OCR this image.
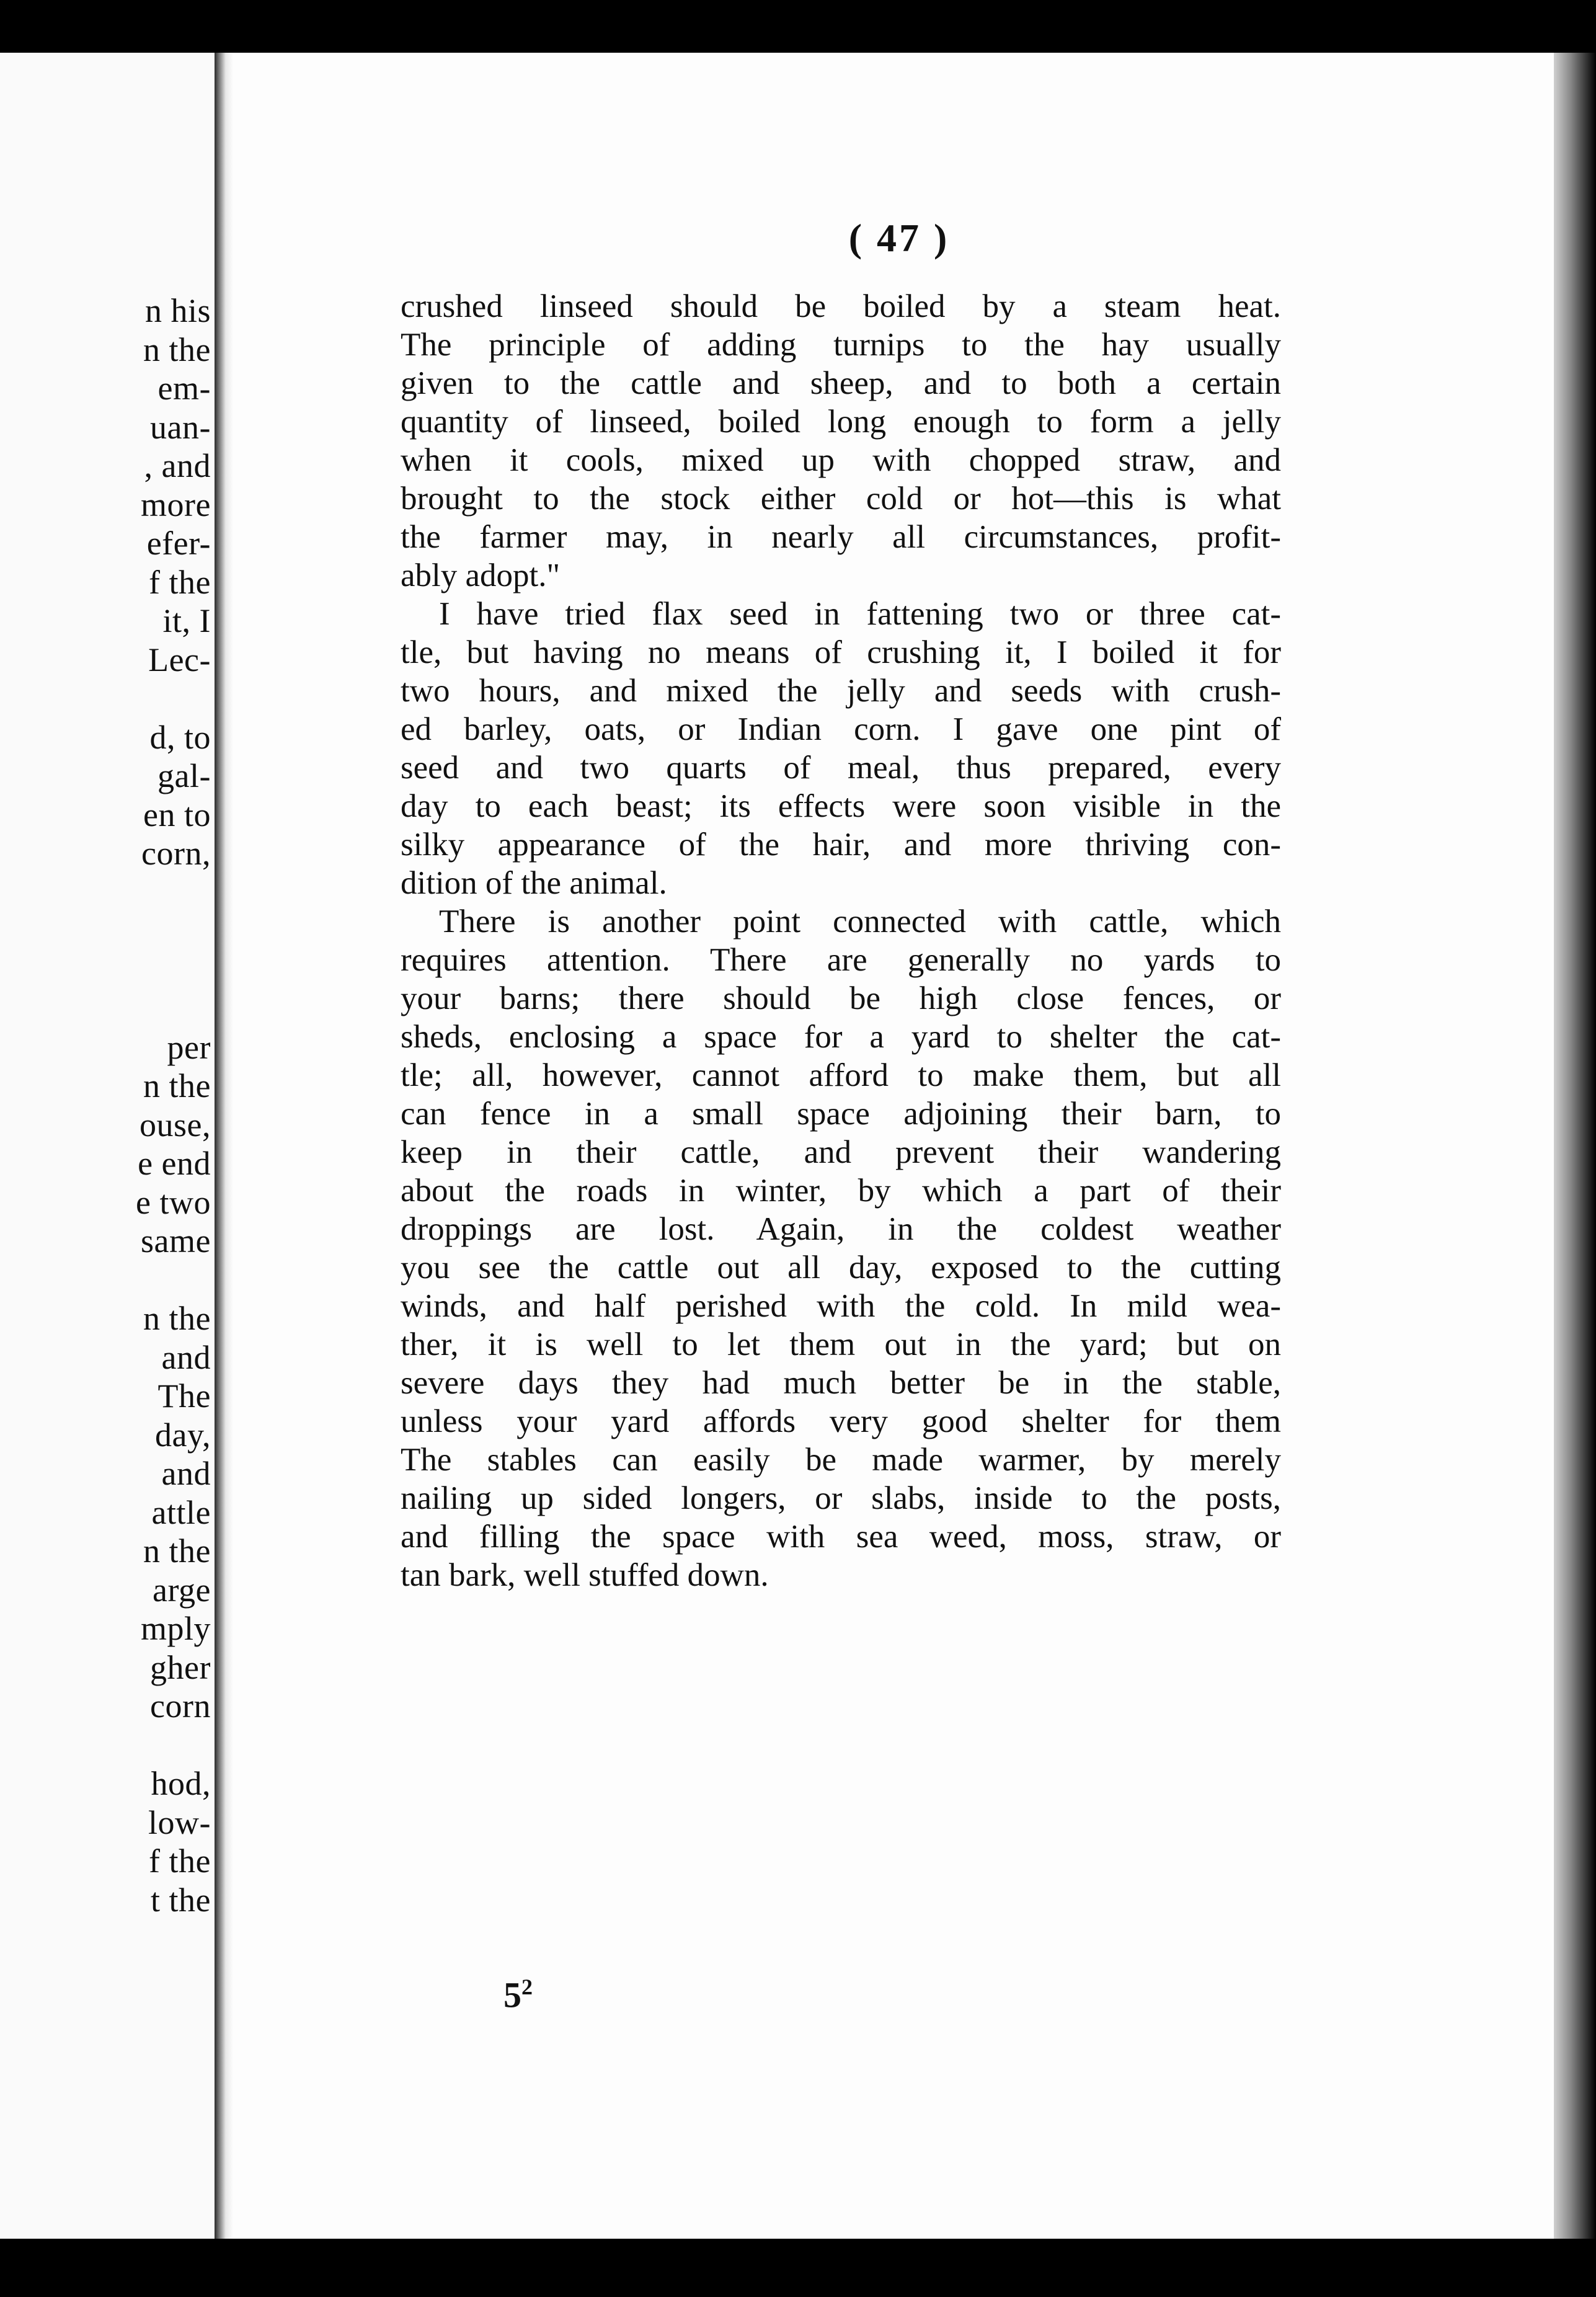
n his
n the
em-
uan-
, and
more
efer-
f the
it, I
Lec-
d, to
gal-
en to
corn,
per
n the
ouse,
e end
e two
same
n the
and
The
day,
and
attle
n the
arge
mply
gher
corn
hod,
low-
f the
t the
( 47 )
crushed linseed should be boiled by a steam heat.
The principle of adding turnips to the hay usually
given to the cattle and sheep, and to both a certain
quantity of linseed, boiled long enough to form a jelly
when it cools, mixed up with chopped straw, and
brought to the stock either cold or hot—this is what
the farmer may, in nearly all circumstances, profit-
ably adopt."
I have tried flax seed in fattening two or three cat-
tle, but having no means of crushing it, I boiled it for
two hours, and mixed the jelly and seeds with crush-
ed barley, oats, or Indian corn. I gave one pint of
seed and two quarts of meal, thus prepared, every
day to each beast; its effects were soon visible in the
silky appearance of the hair, and more thriving con-
dition of the animal.
There is another point connected with cattle, which
requires attention. There are generally no yards to
your barns; there should be high close fences, or
sheds, enclosing a space for a yard to shelter the cat-
tle; all, however, cannot afford to make them, but all
can fence in a small space adjoining their barn, to
keep in their cattle, and prevent their wandering
about the roads in winter, by which a part of their
droppings are lost. Again, in the coldest weather
you see the cattle out all day, exposed to the cutting
winds, and half perished with the cold. In mild wea-
ther, it is well to let them out in the yard; but on
severe days they had much better be in the stable,
unless your yard affords very good shelter for them
The stables can easily be made warmer, by merely
nailing up sided longers, or slabs, inside to the posts,
and filling the space with sea weed, moss, straw, or
tan bark, well stuffed down.
$5^2$
